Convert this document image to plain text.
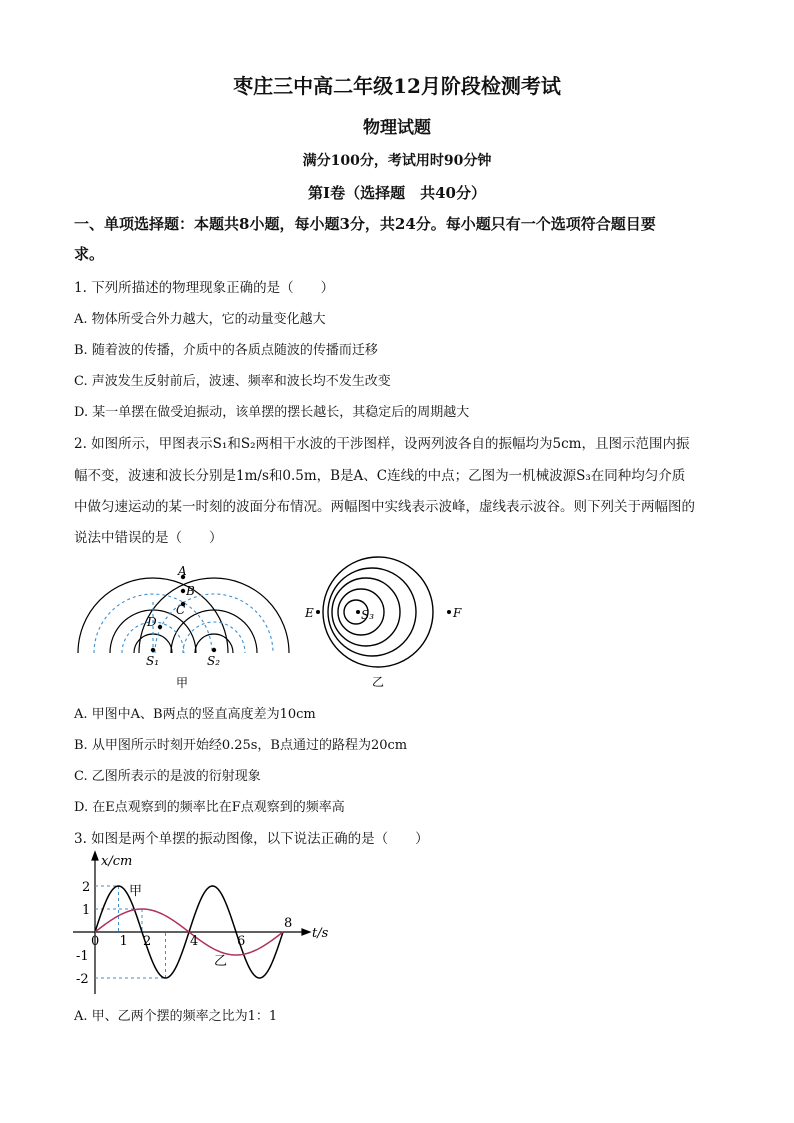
枣庄三中高二年级12月阶段检测考试
物理试题
满分100分，考试用时90分钟
第Ⅰ卷（选择题　共40分）
一、单项选择题：本题共8小题，每小题3分，共24分。每小题只有一个选项符合题目要
求。
1. 下列所描述的物理现象正确的是（　　）
A. 物体所受合外力越大，它的动量变化越大
B. 随着波的传播，介质中的各质点随波的传播而迁移
C. 声波发生反射前后，波速、频率和波长均不发生改变
D. 某一单摆在做受迫振动，该单摆的摆长越长，其稳定后的周期越大
2. 如图所示，甲图表示S₁和S₂两相干水波的干涉图样，设两列波各自的振幅均为5cm，且图示范围内振
幅不变，波速和波长分别是1m/s和0.5m，B是A、C连线的中点；乙图为一机械波源S₃在同种均匀介质
中做匀速运动的某一时刻的波面分布情况。两幅图中实线表示波峰，虚线表示波谷。则下列关于两幅图的
说法中错误的是（　　）
A
B
C
D
S₁	S₂
甲
S₃
E	F
乙
A. 甲图中A、B两点的竖直高度差为10cm
B. 从甲图所示时刻开始经0.25s，B点通过的路程为20cm
C. 乙图所表示的是波的衍射现象
D. 在E点观察到的频率比在F点观察到的频率高
3. 如图是两个单摆的振动图像，以下说法正确的是（　　）
2
1
-1
-2
0 1 2	4	6
8
x/cm
t/s
甲
乙
A. 甲、乙两个摆的频率之比为1：1
